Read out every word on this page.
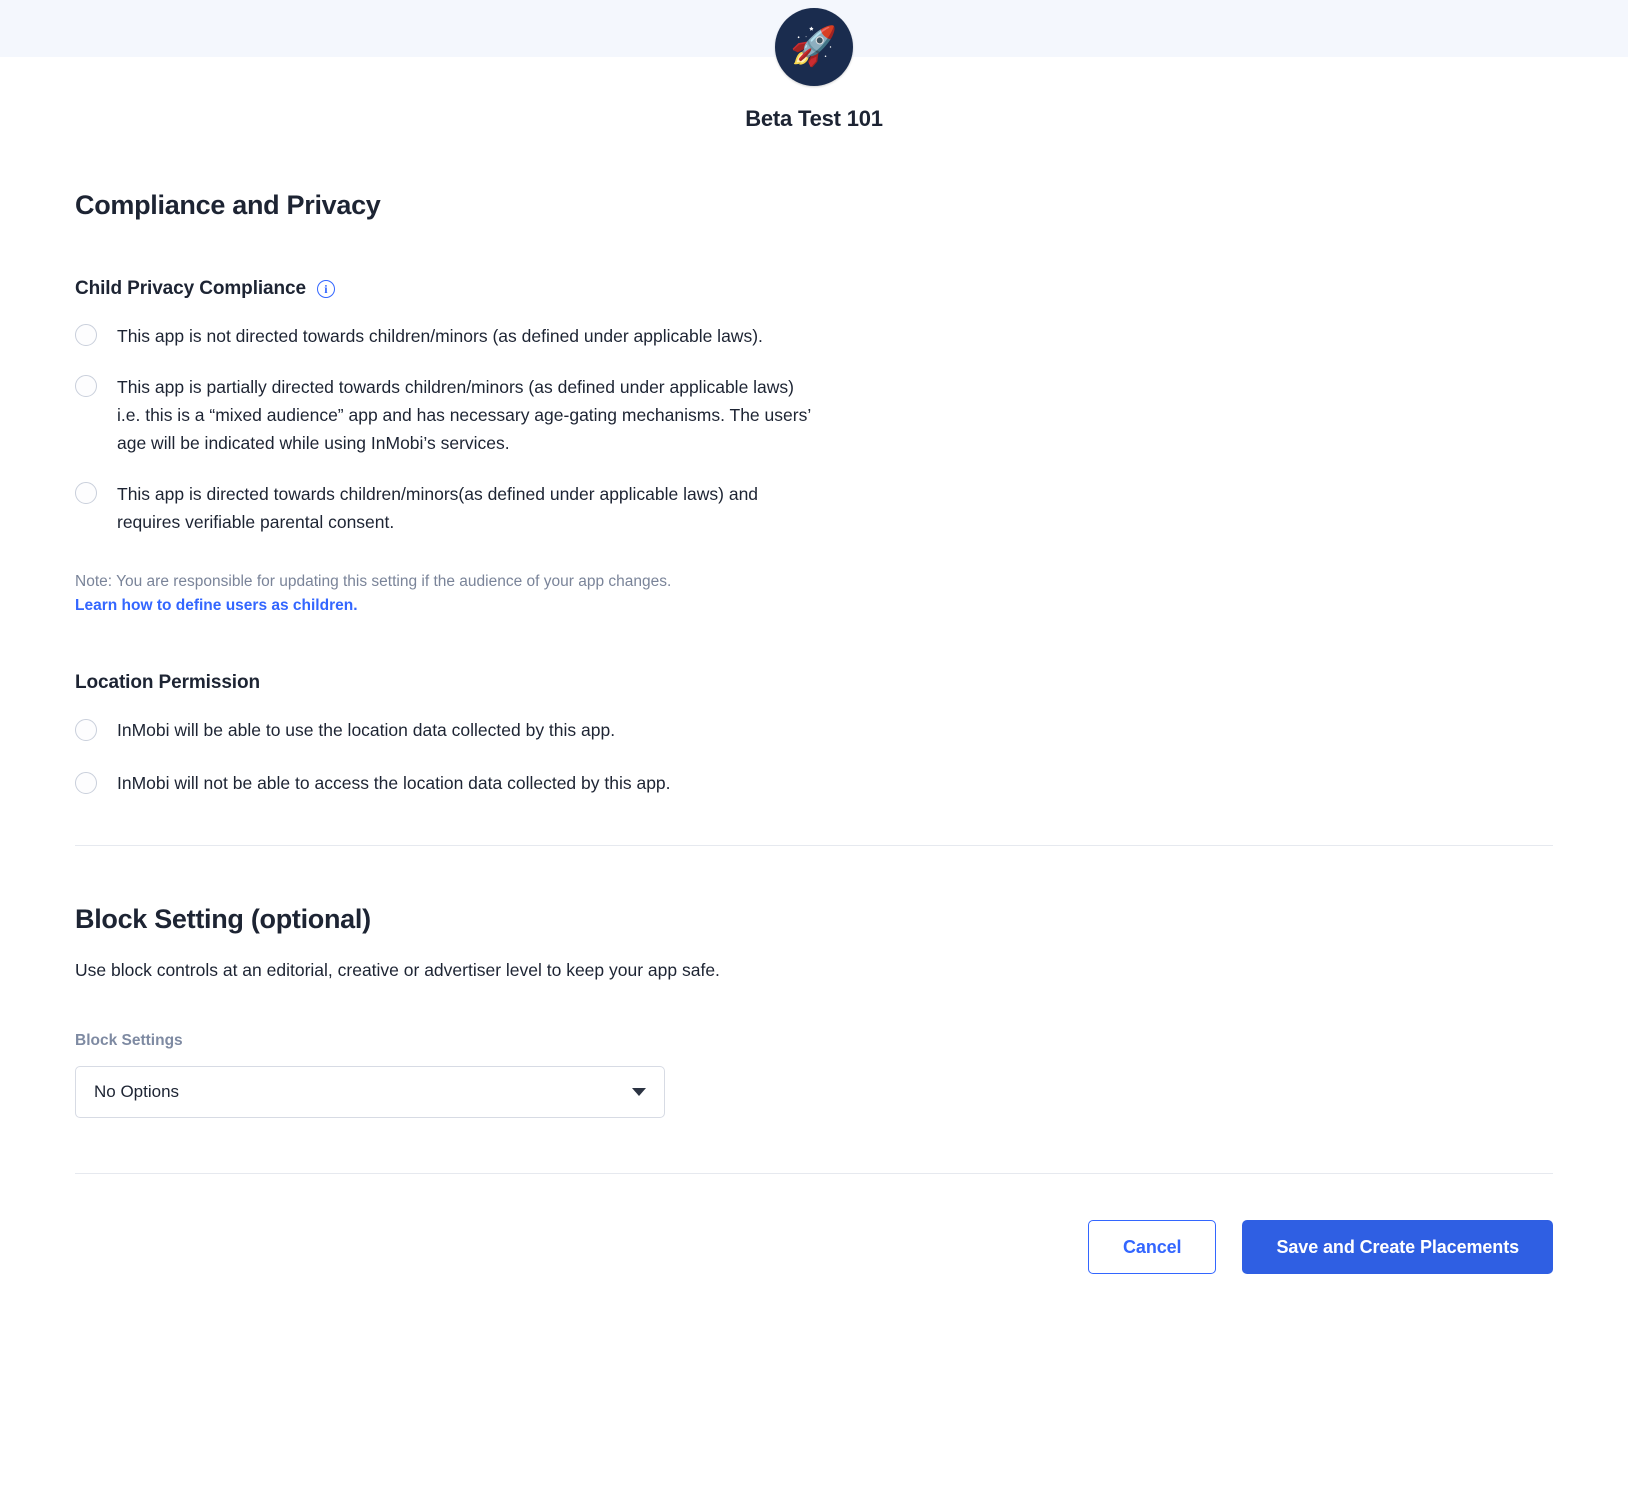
🚀
Beta Test 101
Compliance and Privacy
Child Privacy Compliance	i
This app is not directed towards children/minors (as defined under applicable laws).
This app is partially directed towards children/minors (as defined under applicable laws) i.e. this is a “mixed audience” app and has necessary age-gating mechanisms. The users’ age will be indicated while using InMobi’s services.
This app is directed towards children/minors(as defined under applicable laws) and requires verifiable parental consent.
Note: You are responsible for updating this setting if the audience of your app changes.
Learn how to define users as children.
Location Permission
InMobi will be able to use the location data collected by this app.
InMobi will not be able to access the location data collected by this app.
Block Setting (optional)
Use block controls at an editorial, creative or advertiser level to keep your app safe.
Block Settings
No Options
Cancel	Save and Create Placements
